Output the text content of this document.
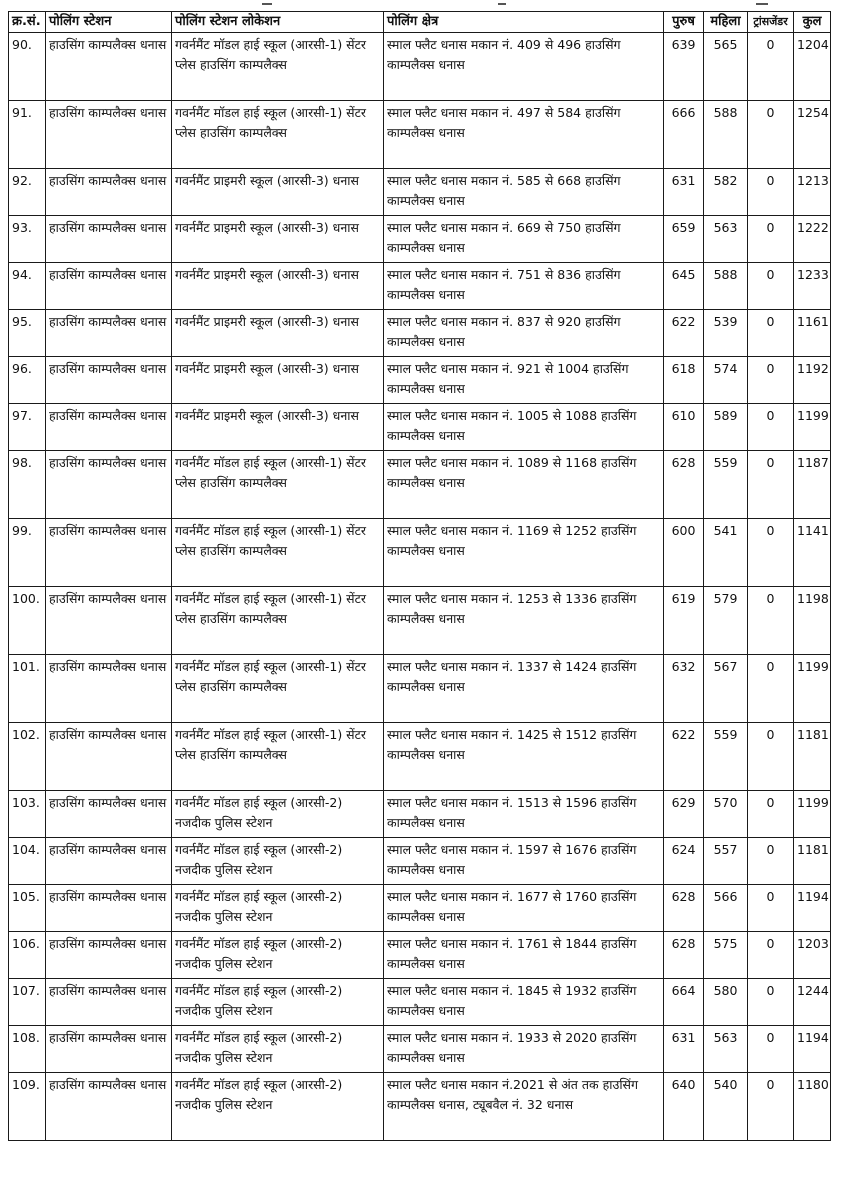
क्र.सं.	पोलिंग स्टेशन	पोलिंग स्टेशन लोकेशन	पोलिंग क्षेत्र	पुरुष	महिला	ट्रांसजेंडर	कुल
90.	हाउसिंग काम्पलैक्स धनास	गवर्नमैंट मॉडल हाई स्कूल (आरसी-1) सेंटर प्लेस हाउसिंग काम्पलैक्स	स्माल फ्लैट धनास मकान नं. 409 से 496 हाउसिंग काम्पलैक्स धनास	639	565	0	1204
91.	हाउसिंग काम्पलैक्स धनास	गवर्नमैंट मॉडल हाई स्कूल (आरसी-1) सेंटर प्लेस हाउसिंग काम्पलैक्स	स्माल फ्लैट धनास मकान नं. 497 से 584 हाउसिंग काम्पलैक्स धनास	666	588	0	1254
92.	हाउसिंग काम्पलैक्स धनास	गवर्नमैंट प्राइमरी स्कूल (आरसी-3) धनास	स्माल फ्लैट धनास मकान नं. 585 से 668 हाउसिंग काम्पलैक्स धनास	631	582	0	1213
93.	हाउसिंग काम्पलैक्स धनास	गवर्नमैंट प्राइमरी स्कूल (आरसी-3) धनास	स्माल फ्लैट धनास मकान नं. 669 से 750 हाउसिंग काम्पलैक्स धनास	659	563	0	1222
94.	हाउसिंग काम्पलैक्स धनास	गवर्नमैंट प्राइमरी स्कूल (आरसी-3) धनास	स्माल फ्लैट धनास मकान नं. 751 से 836 हाउसिंग काम्पलैक्स धनास	645	588	0	1233
95.	हाउसिंग काम्पलैक्स धनास	गवर्नमैंट प्राइमरी स्कूल (आरसी-3) धनास	स्माल फ्लैट धनास मकान नं. 837 से 920 हाउसिंग काम्पलैक्स धनास	622	539	0	1161
96.	हाउसिंग काम्पलैक्स धनास	गवर्नमैंट प्राइमरी स्कूल (आरसी-3) धनास	स्माल फ्लैट धनास मकान नं. 921 से 1004 हाउसिंग काम्पलैक्स धनास	618	574	0	1192
97.	हाउसिंग काम्पलैक्स धनास	गवर्नमैंट प्राइमरी स्कूल (आरसी-3) धनास	स्माल फ्लैट धनास मकान नं. 1005 से 1088 हाउसिंग काम्पलैक्स धनास	610	589	0	1199
98.	हाउसिंग काम्पलैक्स धनास	गवर्नमैंट मॉडल हाई स्कूल (आरसी-1) सेंटर प्लेस हाउसिंग काम्पलैक्स	स्माल फ्लैट धनास मकान नं. 1089 से 1168 हाउसिंग काम्पलैक्स धनास	628	559	0	1187
99.	हाउसिंग काम्पलैक्स धनास	गवर्नमैंट मॉडल हाई स्कूल (आरसी-1) सेंटर प्लेस हाउसिंग काम्पलैक्स	स्माल फ्लैट धनास मकान नं. 1169 से 1252 हाउसिंग काम्पलैक्स धनास	600	541	0	1141
100.	हाउसिंग काम्पलैक्स धनास	गवर्नमैंट मॉडल हाई स्कूल (आरसी-1) सेंटर प्लेस हाउसिंग काम्पलैक्स	स्माल फ्लैट धनास मकान नं. 1253 से 1336 हाउसिंग काम्पलैक्स धनास	619	579	0	1198
101.	हाउसिंग काम्पलैक्स धनास	गवर्नमैंट मॉडल हाई स्कूल (आरसी-1) सेंटर प्लेस हाउसिंग काम्पलैक्स	स्माल फ्लैट धनास मकान नं. 1337 से 1424 हाउसिंग काम्पलैक्स धनास	632	567	0	1199
102.	हाउसिंग काम्पलैक्स धनास	गवर्नमैंट मॉडल हाई स्कूल (आरसी-1) सेंटर प्लेस हाउसिंग काम्पलैक्स	स्माल फ्लैट धनास मकान नं. 1425 से 1512 हाउसिंग काम्पलैक्स धनास	622	559	0	1181
103.	हाउसिंग काम्पलैक्स धनास	गवर्नमैंट मॉडल हाई स्कूल (आरसी-2) नजदीक पुलिस स्टेशन	स्माल फ्लैट धनास मकान नं. 1513 से 1596 हाउसिंग काम्पलैक्स धनास	629	570	0	1199
104.	हाउसिंग काम्पलैक्स धनास	गवर्नमैंट मॉडल हाई स्कूल (आरसी-2) नजदीक पुलिस स्टेशन	स्माल फ्लैट धनास मकान नं. 1597 से 1676 हाउसिंग काम्पलैक्स धनास	624	557	0	1181
105.	हाउसिंग काम्पलैक्स धनास	गवर्नमैंट मॉडल हाई स्कूल (आरसी-2) नजदीक पुलिस स्टेशन	स्माल फ्लैट धनास मकान नं. 1677 से 1760 हाउसिंग काम्पलैक्स धनास	628	566	0	1194
106.	हाउसिंग काम्पलैक्स धनास	गवर्नमैंट मॉडल हाई स्कूल (आरसी-2) नजदीक पुलिस स्टेशन	स्माल फ्लैट धनास मकान नं. 1761 से 1844 हाउसिंग काम्पलैक्स धनास	628	575	0	1203
107.	हाउसिंग काम्पलैक्स धनास	गवर्नमैंट मॉडल हाई स्कूल (आरसी-2) नजदीक पुलिस स्टेशन	स्माल फ्लैट धनास मकान नं. 1845 से 1932 हाउसिंग काम्पलैक्स धनास	664	580	0	1244
108.	हाउसिंग काम्पलैक्स धनास	गवर्नमैंट मॉडल हाई स्कूल (आरसी-2) नजदीक पुलिस स्टेशन	स्माल फ्लैट धनास मकान नं. 1933 से 2020 हाउसिंग काम्पलैक्स धनास	631	563	0	1194
109.	हाउसिंग काम्पलैक्स धनास	गवर्नमैंट मॉडल हाई स्कूल (आरसी-2) नजदीक पुलिस स्टेशन	स्माल फ्लैट धनास मकान नं.2021 से अंत तक हाउसिंग काम्पलैक्स धनास, ट्यूबवैल नं. 32 धनास	640	540	0	1180
